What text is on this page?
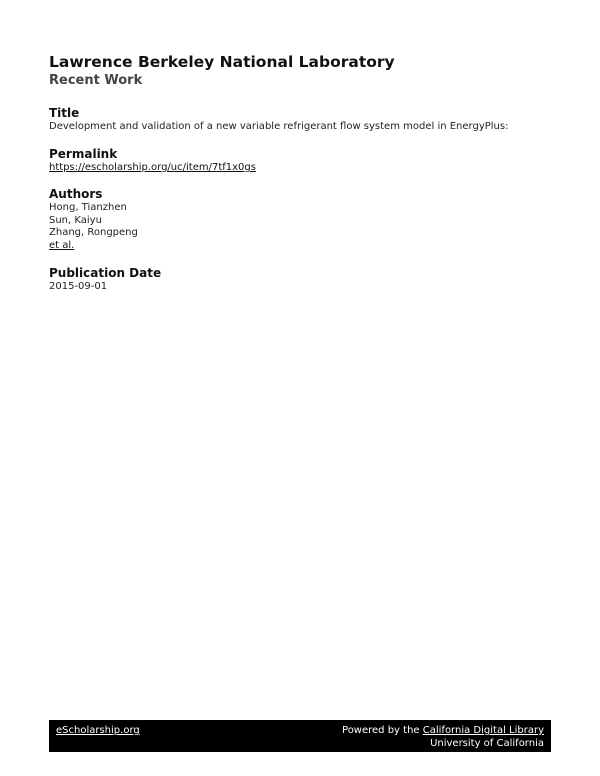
Lawrence Berkeley National Laboratory
Recent Work
Title
Development and validation of a new variable refrigerant flow system model in EnergyPlus:
Permalink
https://escholarship.org/uc/item/7tf1x0gs
Authors
Hong, Tianzhen
Sun, Kaiyu
Zhang, Rongpeng
et al.
Publication Date
2015-09-01
eScholarship.org	Powered by the California Digital Library
University of California
